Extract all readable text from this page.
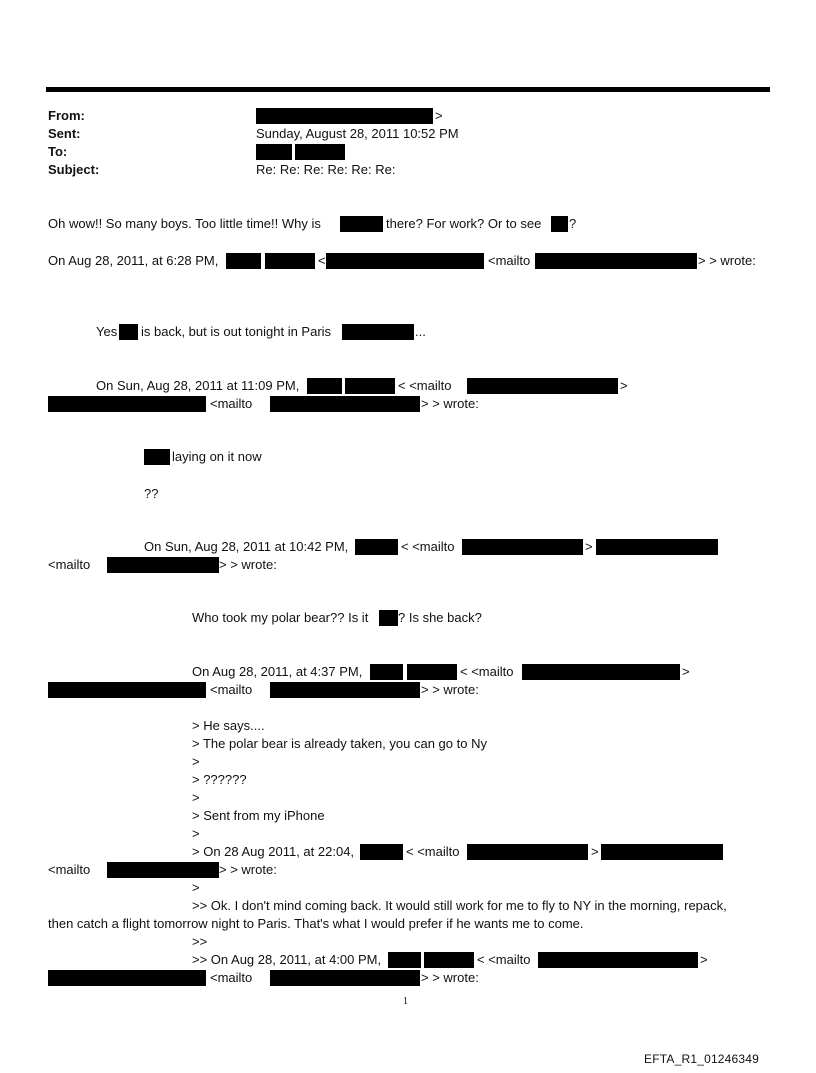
From:	>
Sent:	Sunday, August 28, 2011 10:52 PM
To:
Subject:	Re: Re: Re: Re: Re: Re:
Oh wow!! So many boys. Too little time!! Why is	there? For work? Or to see ?
On Aug 28, 2011, at 6:28 PM,	<	<mailto	> > wrote:
Yes is back, but is out tonight in Paris	...
On Sun, Aug 28, 2011 at 11:09 PM,	< <mailto	>
<mailto	> > wrote:
laying on it now
??
On Sun, Aug 28, 2011 at 10:42 PM,	< <mailto	>
<mailto	> > wrote:
Who took my polar bear?? Is it ? Is she back?
On Aug 28, 2011, at 4:37 PM,	< <mailto	>
<mailto	> > wrote:
> He says....
> The polar bear is already taken, you can go to Ny
>
> ??????
>
> Sent from my iPhone
>
> On 28 Aug 2011, at 22:04,	< <mailto	>
<mailto	> > wrote:
>
>> Ok. I don't mind coming back. It would still work for me to fly to NY in the morning, repack,
then catch a flight tomorrow night to Paris. That's what I would prefer if he wants me to come.
>>
>> On Aug 28, 2011, at 4:00 PM,	< <mailto	>
<mailto	> > wrote:
1
EFTA_R1_01246349
